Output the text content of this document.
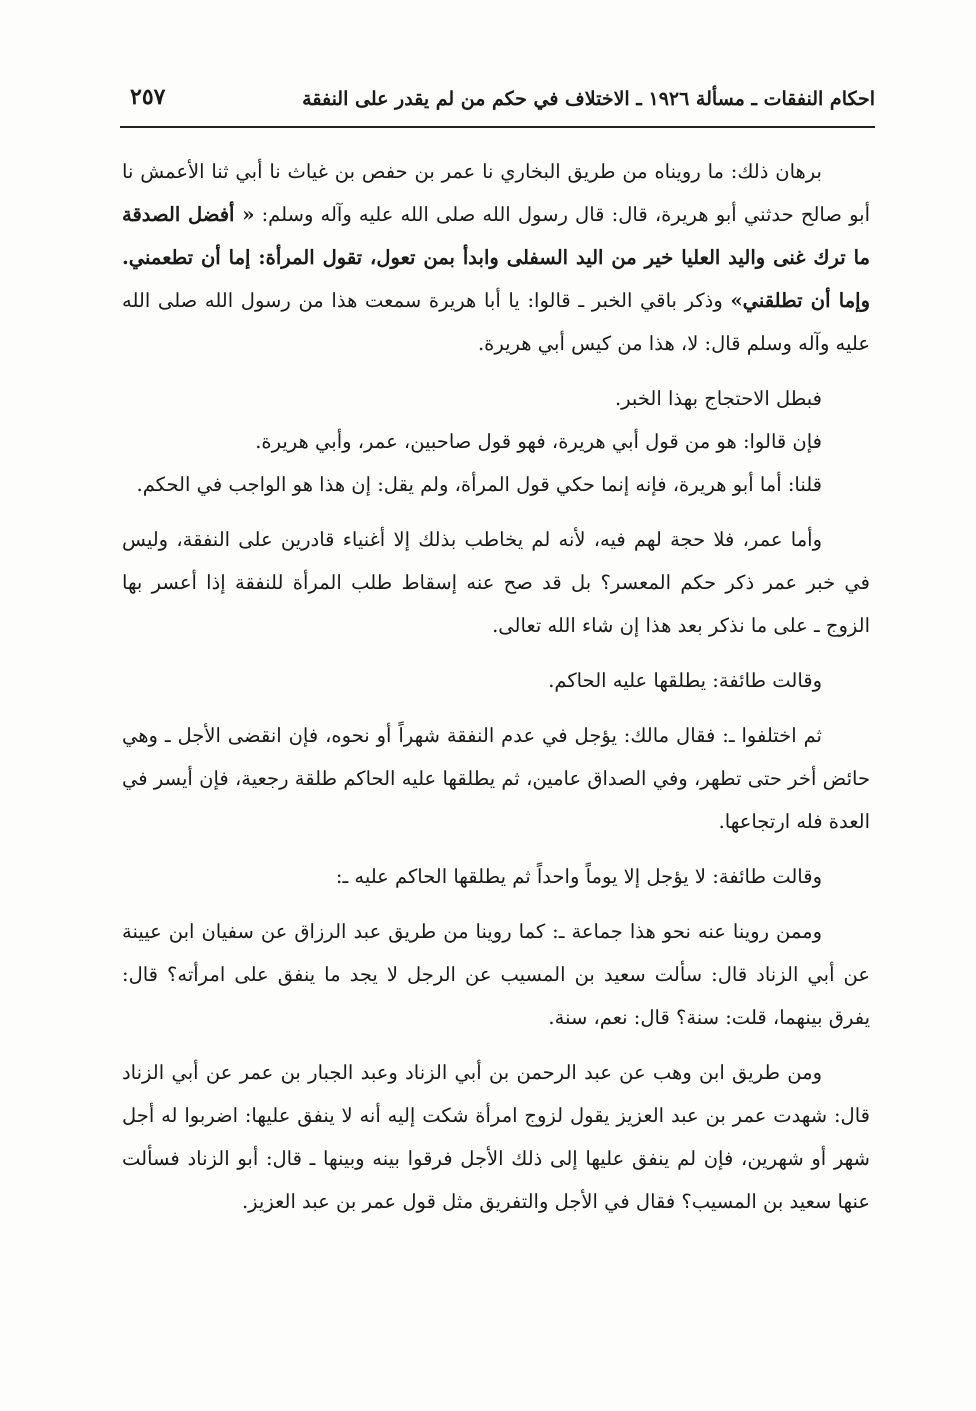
احكام النفقات ـ مسألة ١٩٢٦ ـ الاختلاف في حكم من لم يقدر على النفقة
٢٥٧

برهان ذلك: ما رويناه من طريق البخاري نا عمر بن حفص بن غياث نا أبي ثنا الأعمش نا أبو صالح حدثني أبو هريرة، قال: قال رسول الله صلى الله عليه وآله وسلم: « أفضل الصدقة ما ترك غنى واليد العليا خير من اليد السفلى وابدأ بمن تعول، تقول المرأة: إما أن تطعمني. وإما أن تطلقني» وذكر باقي الخبر ـ قالوا: يا أبا هريرة سمعت هذا من رسول الله صلى الله عليه وآله وسلم قال: لا، هذا من كيس أبي هريرة.

فبطل الاحتجاج بهذا الخبر.

فإن قالوا: هو من قول أبي هريرة، فهو قول صاحبين، عمر، وأبي هريرة.

قلنا: أما أبو هريرة، فإنه إنما حكي قول المرأة، ولم يقل: إن هذا هو الواجب في الحكم.

وأما عمر، فلا حجة لهم فيه، لأنه لم يخاطب بذلك إلا أغنياء قادرين على النفقة، وليس في خبر عمر ذكر حكم المعسر؟ بل قد صح عنه إسقاط طلب المرأة للنفقة إذا أعسر بها الزوج ـ على ما نذكر بعد هذا إن شاء الله تعالى.

وقالت طائفة: يطلقها عليه الحاكم.

ثم اختلفوا ـ: فقال مالك: يؤجل في عدم النفقة شهراً أو نحوه، فإن انقضى الأجل ـ وهي حائض أخر حتى تطهر، وفي الصداق عامين، ثم يطلقها عليه الحاكم طلقة رجعية، فإن أيسر في العدة فله ارتجاعها.

وقالت طائفة: لا يؤجل إلا يوماً واحداً ثم يطلقها الحاكم عليه ـ:

وممن روينا عنه نحو هذا جماعة ـ: كما روينا من طريق عبد الرزاق عن سفيان ابن عيينة عن أبي الزناد قال: سألت سعيد بن المسيب عن الرجل لا يجد ما ينفق على امرأته؟ قال: يفرق بينهما، قلت: سنة؟ قال: نعم، سنة.

ومن طريق ابن وهب عن عبد الرحمن بن أبي الزناد وعبد الجبار بن عمر عن أبي الزناد قال: شهدت عمر بن عبد العزيز يقول لزوج امرأة شكت إليه أنه لا ينفق عليها: اضربوا له أجل شهر أو شهرين، فإن لم ينفق عليها إلى ذلك الأجل فرقوا بينه وبينها ـ قال: أبو الزناد فسألت عنها سعيد بن المسيب؟ فقال في الأجل والتفريق مثل قول عمر بن عبد العزيز.
